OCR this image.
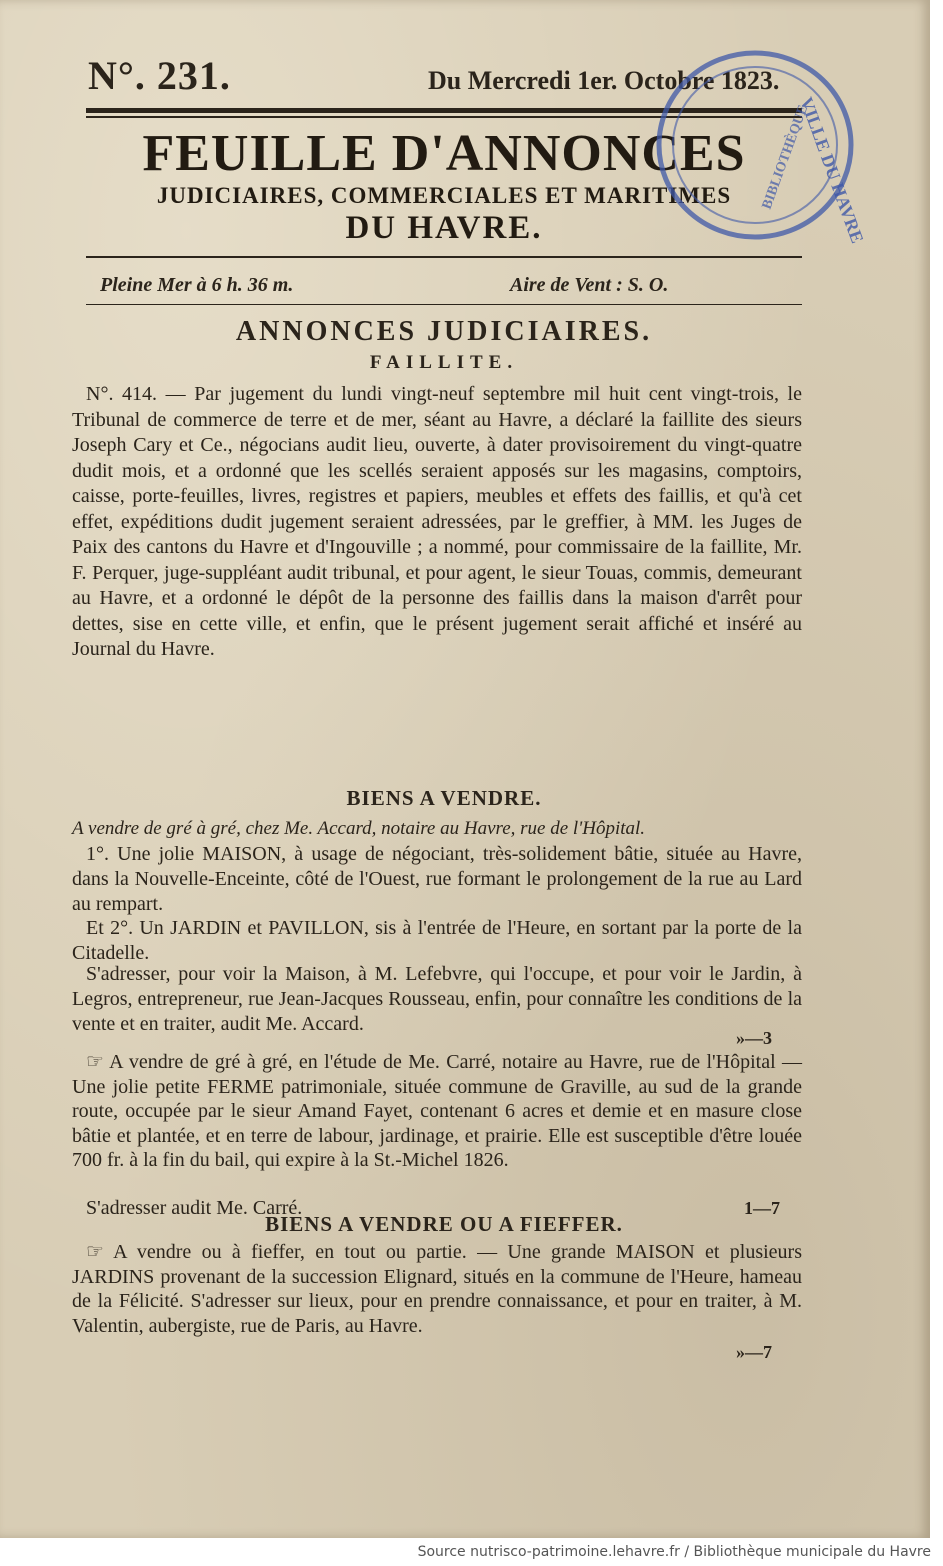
N°. 231.	Du Mercredi 1er. Octobre 1823.
FEUILLE D'ANNONCES
JUDICIAIRES, COMMERCIALES ET MARITIMES
DU HAVRE.
Pleine Mer à 6 h. 36 m.	Aire de Vent : S. O.
ANNONCES JUDICIAIRES.
FAILLITE.
N°. 414. — Par jugement du lundi vingt-neuf septembre mil huit cent vingt-trois, le Tribunal de commerce de terre et de mer, séant au Havre, a déclaré la faillite des sieurs Joseph Cary et Ce., négocians audit lieu, ouverte, à dater provisoirement du vingt-quatre dudit mois, et a ordonné que les scellés seraient apposés sur les magasins, comptoirs, caisse, porte-feuilles, livres, registres et papiers, meubles et effets des faillis, et qu'à cet effet, expéditions dudit jugement seraient adressées, par le greffier, à MM. les Juges de Paix des cantons du Havre et d'Ingouville ; a nommé, pour commissaire de la faillite, Mr. F. Perquer, juge-suppléant audit tribunal, et pour agent, le sieur Touas, commis, demeurant au Havre, et a ordonné le dépôt de la personne des faillis dans la maison d'arrêt pour dettes, sise en cette ville, et enfin, que le présent jugement serait affiché et inséré au Journal du Havre.
BIENS A VENDRE.
A vendre de gré à gré, chez Me. Accard, notaire au Havre, rue de l'Hôpital.
1°. Une jolie MAISON, à usage de négociant, très-solidement bâtie, située au Havre, dans la Nouvelle-Enceinte, côté de l'Ouest, rue formant le prolongement de la rue au Lard au rempart.
Et 2°. Un JARDIN et PAVILLON, sis à l'entrée de l'Heure, en sortant par la porte de la Citadelle.
S'adresser, pour voir la Maison, à M. Lefebvre, qui l'occupe, et pour voir le Jardin, à Legros, entrepreneur, rue Jean-Jacques Rousseau, enfin, pour connaître les conditions de la vente et en traiter, audit Me. Accard.
»—3
☞ A vendre de gré à gré, en l'étude de Me. Carré, notaire au Havre, rue de l'Hôpital — Une jolie petite FERME patrimoniale, située commune de Graville, au sud de la grande route, occupée par le sieur Amand Fayet, contenant 6 acres et demie et en masure close bâtie et plantée, et en terre de labour, jardinage, et prairie. Elle est susceptible d'être louée 700 fr. à la fin du bail, qui expire à la St.-Michel 1826.
S'adresser audit Me. Carré.	1—7
BIENS A VENDRE OU A FIEFFER.
☞ A vendre ou à fieffer, en tout ou partie. — Une grande MAISON et plusieurs JARDINS provenant de la succession Elignard, situés en la commune de l'Heure, hameau de la Félicité. S'adresser sur lieux, pour en prendre connaissance, et pour en traiter, à M. Valentin, aubergiste, rue de Paris, au Havre.
»—7
VILLE DU HAVRE
BIBLIOTHÈQUE
Source nutrisco-patrimoine.lehavre.fr / Bibliothèque municipale du Havre
